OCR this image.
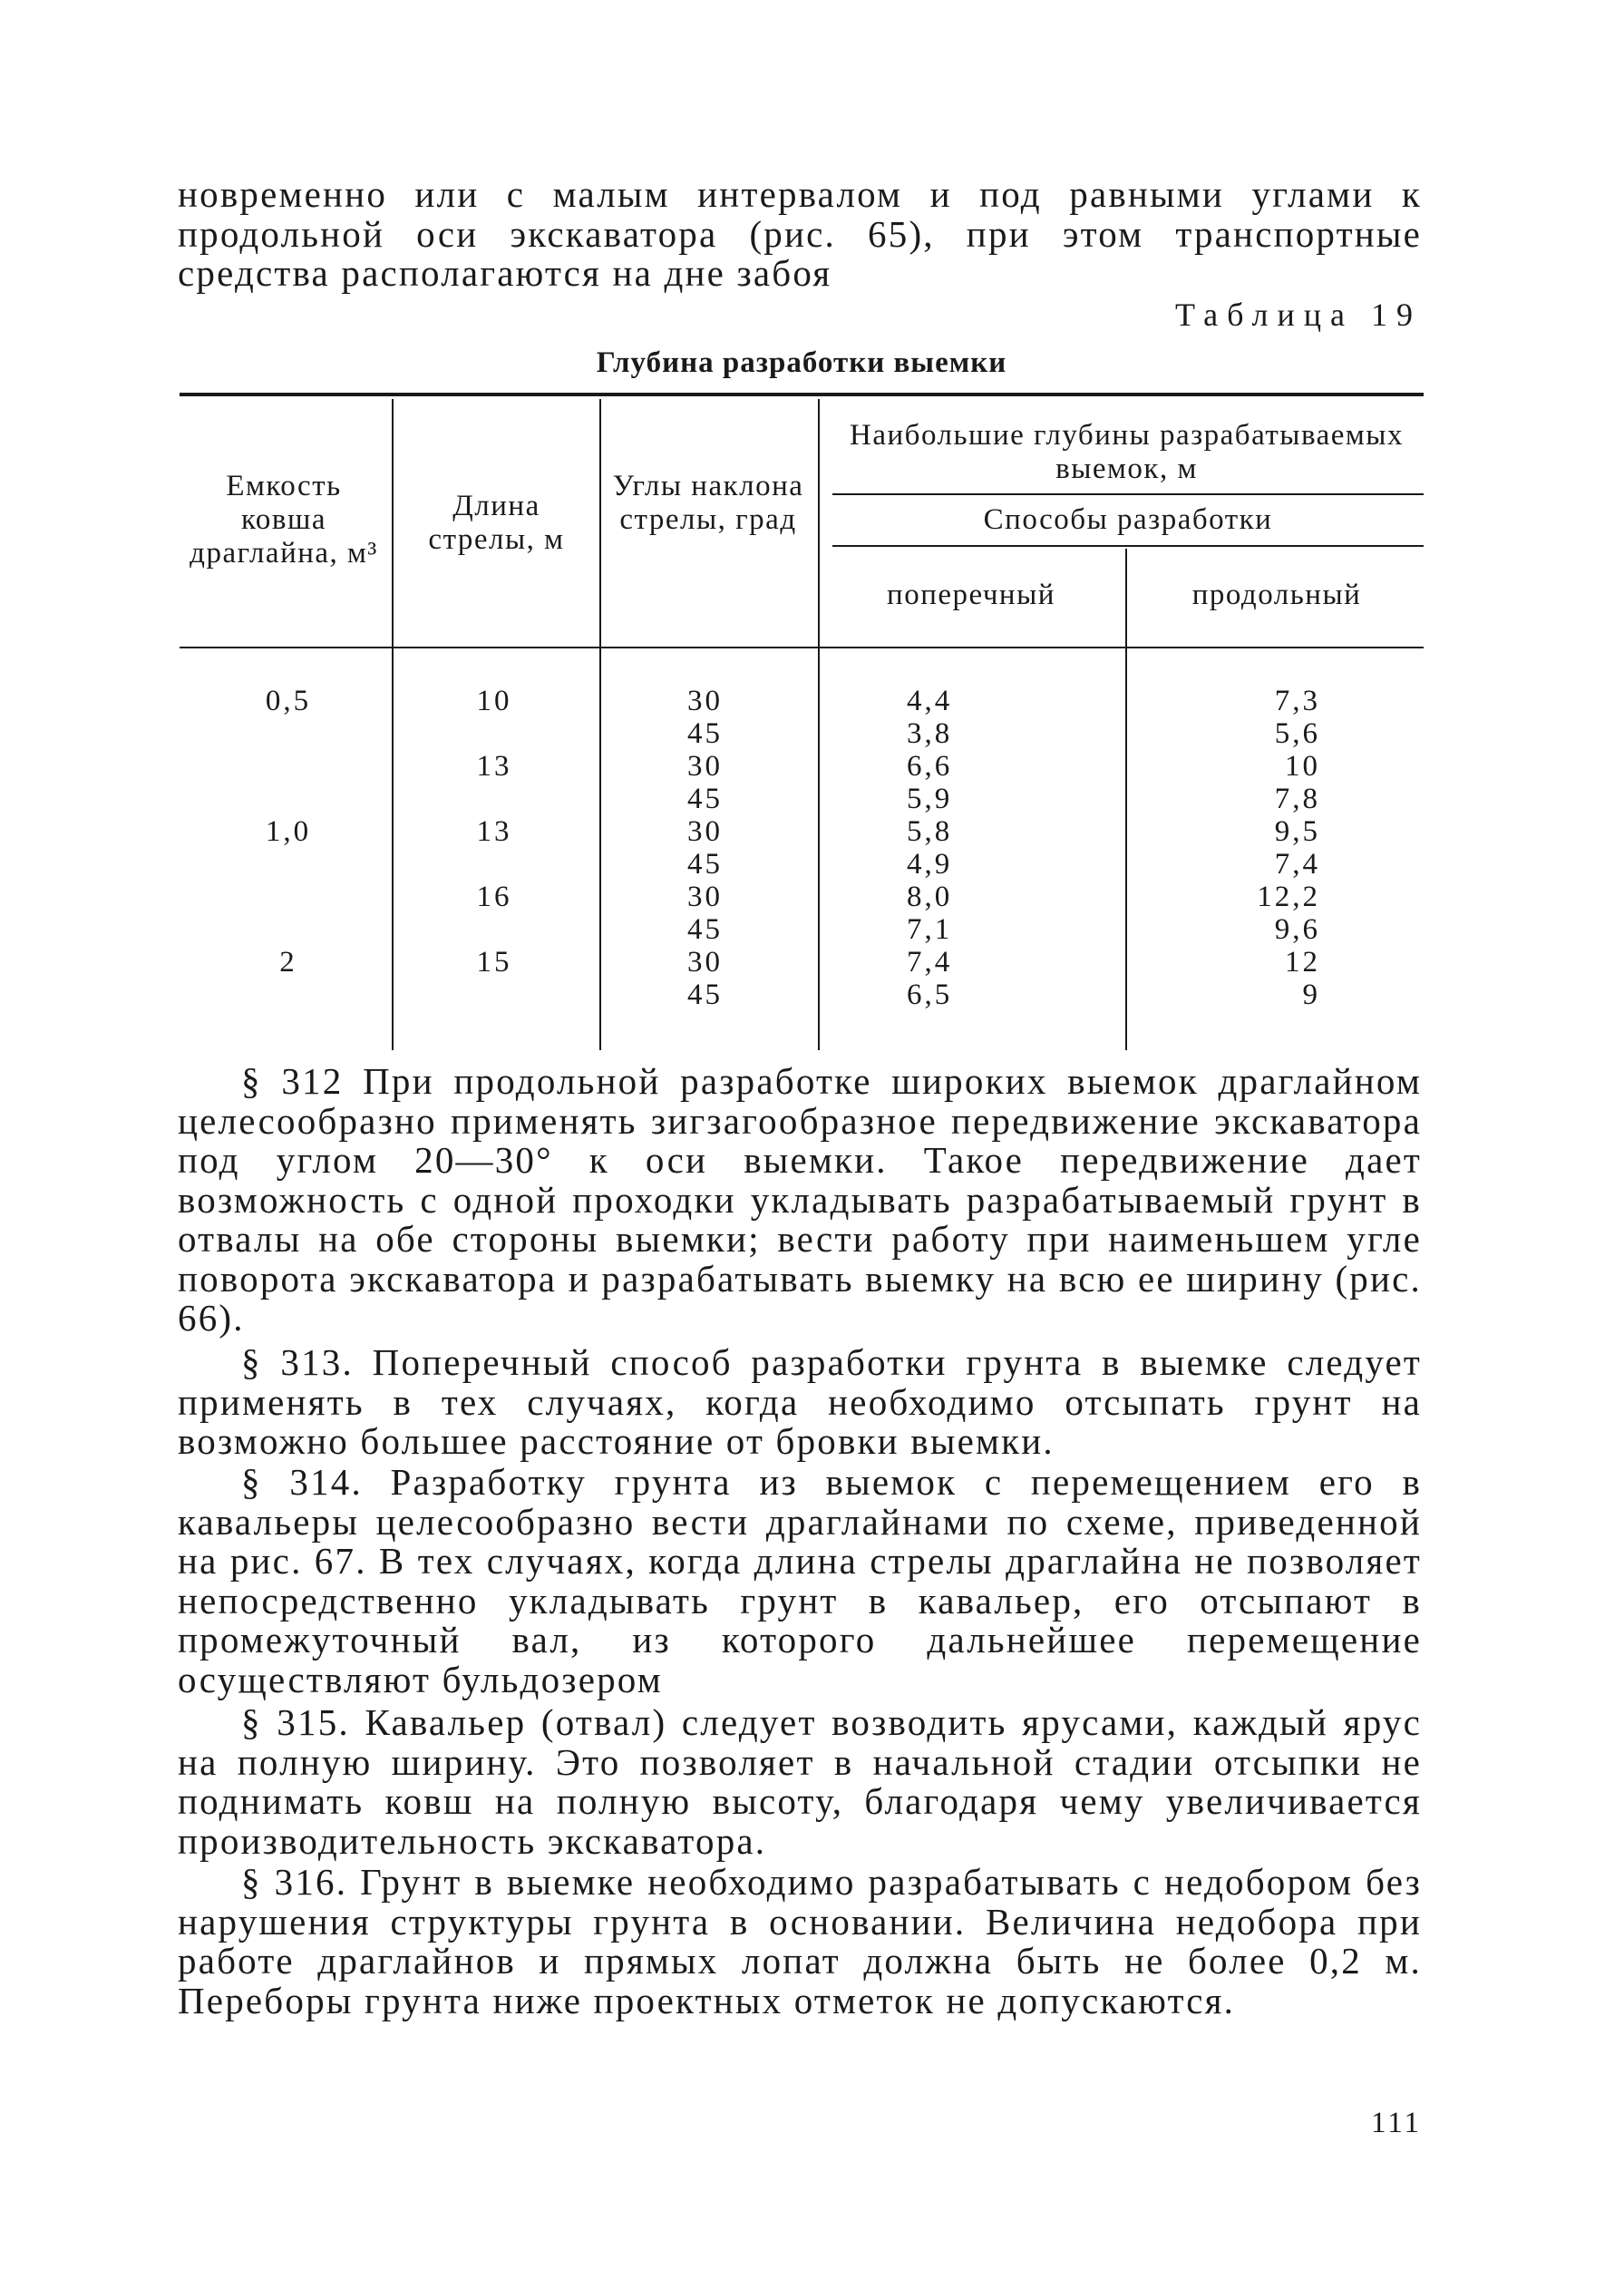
новременно или с малым интервалом и под равными углами к
продольной оси экскаватора (рис. 65), при этом транспортные
средства располагаются на дне забоя

Таблица 19

Глубина разработки выемки

Емкость ковша драглайна, м³
Длина стрелы, м
Углы наклона стрелы, град
Наибольшие глубины разрабатываемых выемок, м
Способы разработки
поперечный	продольный
0,5

1,0

2

10

13

13

16

15

30
45
30
45
30
45
30
45
30
45
4,4
3,8
6,6
5,9
5,8
4,9
8,0
7,1
7,4
6,5
7,3
5,6
10
7,8
9,5
7,4
12,2
9,6
12
9

§ 312 При продольной разработке широких выемок драглайном целесообразно применять зигзагообразное передвижение экскаватора под углом 20—30° к оси выемки. Такое передвижение дает возможность с одной проходки укладывать разрабатываемый грунт в отвалы на обе стороны выемки; вести работу при наименьшем угле поворота экскаватора и разрабатывать выемку на всю ее ширину (рис. 66).

§ 313. Поперечный способ разработки грунта в выемке следует применять в тех случаях, когда необходимо отсыпать грунт на возможно большее расстояние от бровки выемки.

§ 314. Разработку грунта из выемок с перемещением его в кавальеры целесообразно вести драглайнами по схеме, приведенной на рис. 67. В тех случаях, когда длина стрелы драглайна не позволяет непосредственно укладывать грунт в кавальер, его отсыпают в промежуточный вал, из которого дальнейшее перемещение осуществляют бульдозером

§ 315. Кавальер (отвал) следует возводить ярусами, каждый ярус на полную ширину. Это позволяет в начальной стадии отсыпки не поднимать ковш на полную высоту, благодаря чему увеличивается производительность экскаватора.

§ 316. Грунт в выемке необходимо разрабатывать с недобором без нарушения структуры грунта в основании. Величина недобора при работе драглайнов и прямых лопат должна быть не более 0,2 м. Переборы грунта ниже проектных отметок не допускаются.

111
